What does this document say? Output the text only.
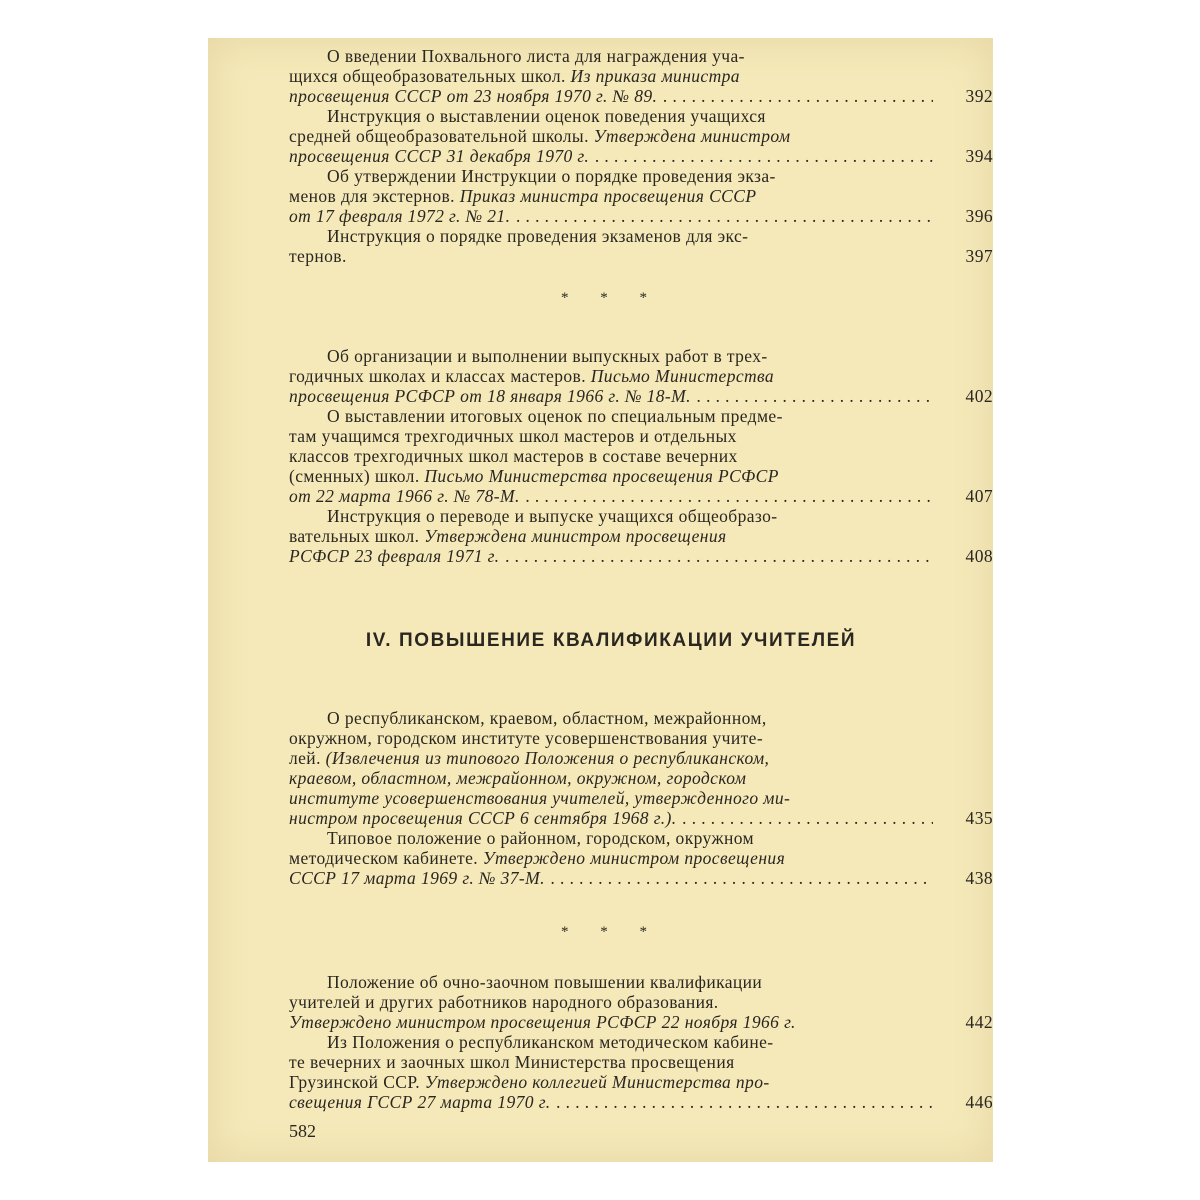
О введении Похвального листа для награждения уча-

щихся общеобразовательных школ. Из приказа министра

просвещения СССР от 23 ноября 1970 г. № 89. . . .	392

Инструкция о выставлении оценок поведения учащихся

средней общеобразовательной школы. Утверждена министром

просвещения СССР 31 декабря 1970 г. . . .	394

Об утверждении Инструкции о порядке проведения экза-

менов для экстернов. Приказ министра просвещения СССР

от 17 февраля 1972 г. № 21. . . .	396

Инструкция о порядке проведения экзаменов для экс-

тернов.	397
* * *

Об организации и выполнении выпускных работ в трех-

годичных школах и классах мастеров. Письмо Министерства

просвещения РСФСР от 18 января 1966 г. № 18-М. . . .	402

О выставлении итоговых оценок по специальным предме-

там учащимся трехгодичных школ мастеров и отдельных

классов трехгодичных школ мастеров в составе вечерних

(сменных) школ. Письмо Министерства просвещения РСФСР

от 22 марта 1966 г. № 78-М. . . .	407

Инструкция о переводе и выпуске учащихся общеобразо-

вательных школ. Утверждена министром просвещения

РСФСР 23 февраля 1971 г. . . .	408
IV. ПОВЫШЕНИЕ КВАЛИФИКАЦИИ УЧИТЕЛЕЙ

О республиканском, краевом, областном, межрайонном,

окружном, городском институте усовершенствования учите-

лей. (Извлечения из типового Положения о республиканском,

краевом, областном, межрайонном, окружном, городском

институте усовершенствования учителей, утвержденного ми-

нистром просвещения СССР 6 сентября 1968 г.). . . .	435

Типовое положение о районном, городском, окружном

методическом кабинете. Утверждено министром просвещения

СССР 17 марта 1969 г. № 37-М. . . .	438
* * *

Положение об очно-заочном повышении квалификации

учителей и других работников народного образования.

Утверждено министром просвещения РСФСР 22 ноября 1966 г.	442

Из Положения о республиканском методическом кабине-

те вечерних и заочных школ Министерства просвещения

Грузинской ССР. Утверждено коллегией Министерства про-

свещения ГССР 27 марта 1970 г. . . .	446
582
